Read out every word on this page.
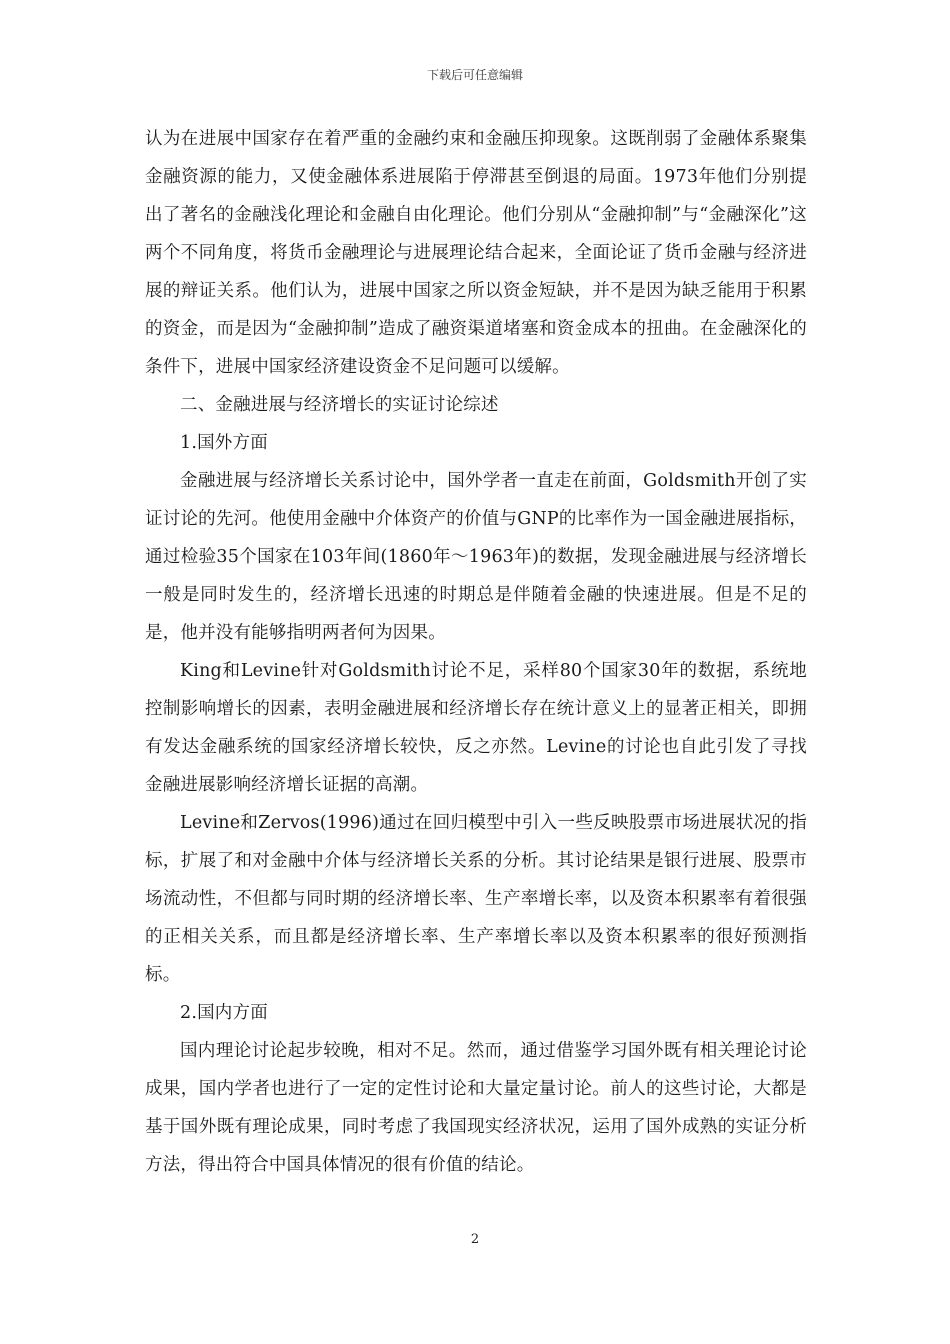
下载后可任意编辑

认为在进展中国家存在着严重的金融约束和金融压抑现象。这既削弱了金融体系聚集金融资源的能力，又使金融体系进展陷于停滞甚至倒退的局面。1973年他们分别提出了著名的金融浅化理论和金融自由化理论。他们分别从“金融抑制”与“金融深化”这两个不同角度，将货币金融理论与进展理论结合起来，全面论证了货币金融与经济进展的辩证关系。他们认为，进展中国家之所以资金短缺，并不是因为缺乏能用于积累的资金，而是因为“金融抑制”造成了融资渠道堵塞和资金成本的扭曲。在金融深化的条件下，进展中国家经济建设资金不足问题可以缓解。

二、金融进展与经济增长的实证讨论综述

1.国外方面

金融进展与经济增长关系讨论中，国外学者一直走在前面，Goldsmith开创了实证讨论的先河。他使用金融中介体资产的价值与GNP的比率作为一国金融进展指标，通过检验35个国家在103年间(1860年～1963年)的数据，发现金融进展与经济增长一般是同时发生的，经济增长迅速的时期总是伴随着金融的快速进展。但是不足的是，他并没有能够指明两者何为因果。

King和Levine针对Goldsmith讨论不足，采样80个国家30年的数据，系统地控制影响增长的因素，表明金融进展和经济增长存在统计意义上的显著正相关，即拥有发达金融系统的国家经济增长较快，反之亦然。Levine的讨论也自此引发了寻找金融进展影响经济增长证据的高潮。

Levine和Zervos(1996)通过在回归模型中引入一些反映股票市场进展状况的指标，扩展了和对金融中介体与经济增长关系的分析。其讨论结果是银行进展、股票市场流动性，不但都与同时期的经济增长率、生产率增长率，以及资本积累率有着很强的正相关关系，而且都是经济增长率、生产率增长率以及资本积累率的很好预测指标。

2.国内方面

国内理论讨论起步较晚，相对不足。然而，通过借鉴学习国外既有相关理论讨论成果，国内学者也进行了一定的定性讨论和大量定量讨论。前人的这些讨论，大都是基于国外既有理论成果，同时考虑了我国现实经济状况，运用了国外成熟的实证分析方法，得出符合中国具体情况的很有价值的结论。

2
